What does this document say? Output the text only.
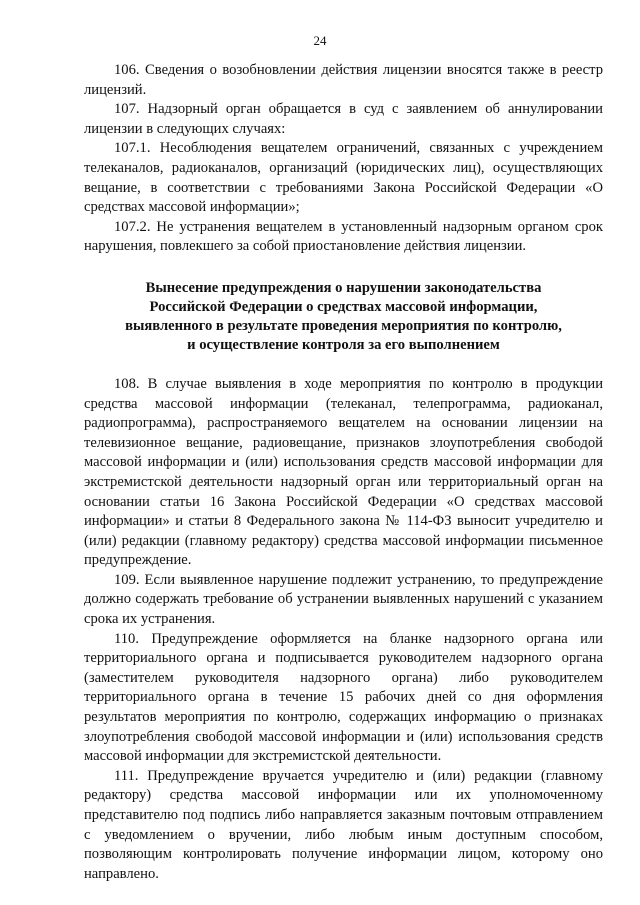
24

106. Сведения о возобновлении действия лицензии вносятся также в реестр лицензий.

107. Надзорный орган обращается в суд с заявлением об аннулировании лицензии в следующих случаях:

107.1. Несоблюдения вещателем ограничений, связанных с учреждением телеканалов, радиоканалов, организаций (юридических лиц), осуществляющих вещание, в соответствии с требованиями Закона Российской Федерации «О средствах массовой информации»;

107.2. Не устранения вещателем в установленный надзорным органом срок нарушения, повлекшего за собой приостановление действия лицензии.

Вынесение предупреждения о нарушении законодательства
Российской Федерации о средствах массовой информации,
выявленного в результате проведения мероприятия по контролю,
и осуществление контроля за его выполнением

108. В случае выявления в ходе мероприятия по контролю в продукции средства массовой информации (телеканал, телепрограмма, радиоканал, радиопрограмма), распространяемого вещателем на основании лицензии на телевизионное вещание, радиовещание, признаков злоупотребления свободой массовой информации и (или) использования средств массовой информации для экстремистской деятельности надзорный орган или территориальный орган на основании статьи 16 Закона Российской Федерации «О средствах массовой информации» и статьи 8 Федерального закона № 114-ФЗ выносит учредителю и (или) редакции (главному редактору) средства массовой информации письменное предупреждение.

109. Если выявленное нарушение подлежит устранению, то предупреждение должно содержать требование об устранении выявленных нарушений с указанием срока их устранения.

110. Предупреждение оформляется на бланке надзорного органа или территориального органа и подписывается руководителем надзорного органа (заместителем руководителя надзорного органа) либо руководителем территориального органа в течение 15 рабочих дней со дня оформления результатов мероприятия по контролю, содержащих информацию о признаках злоупотребления свободой массовой информации и (или) использования средств массовой информации для экстремистской деятельности.

111. Предупреждение вручается учредителю и (или) редакции (главному редактору) средства массовой информации или их уполномоченному представителю под подпись либо направляется заказным почтовым отправлением с уведомлением о вручении, либо любым иным доступным способом, позволяющим контролировать получение информации лицом, которому оно направлено.
